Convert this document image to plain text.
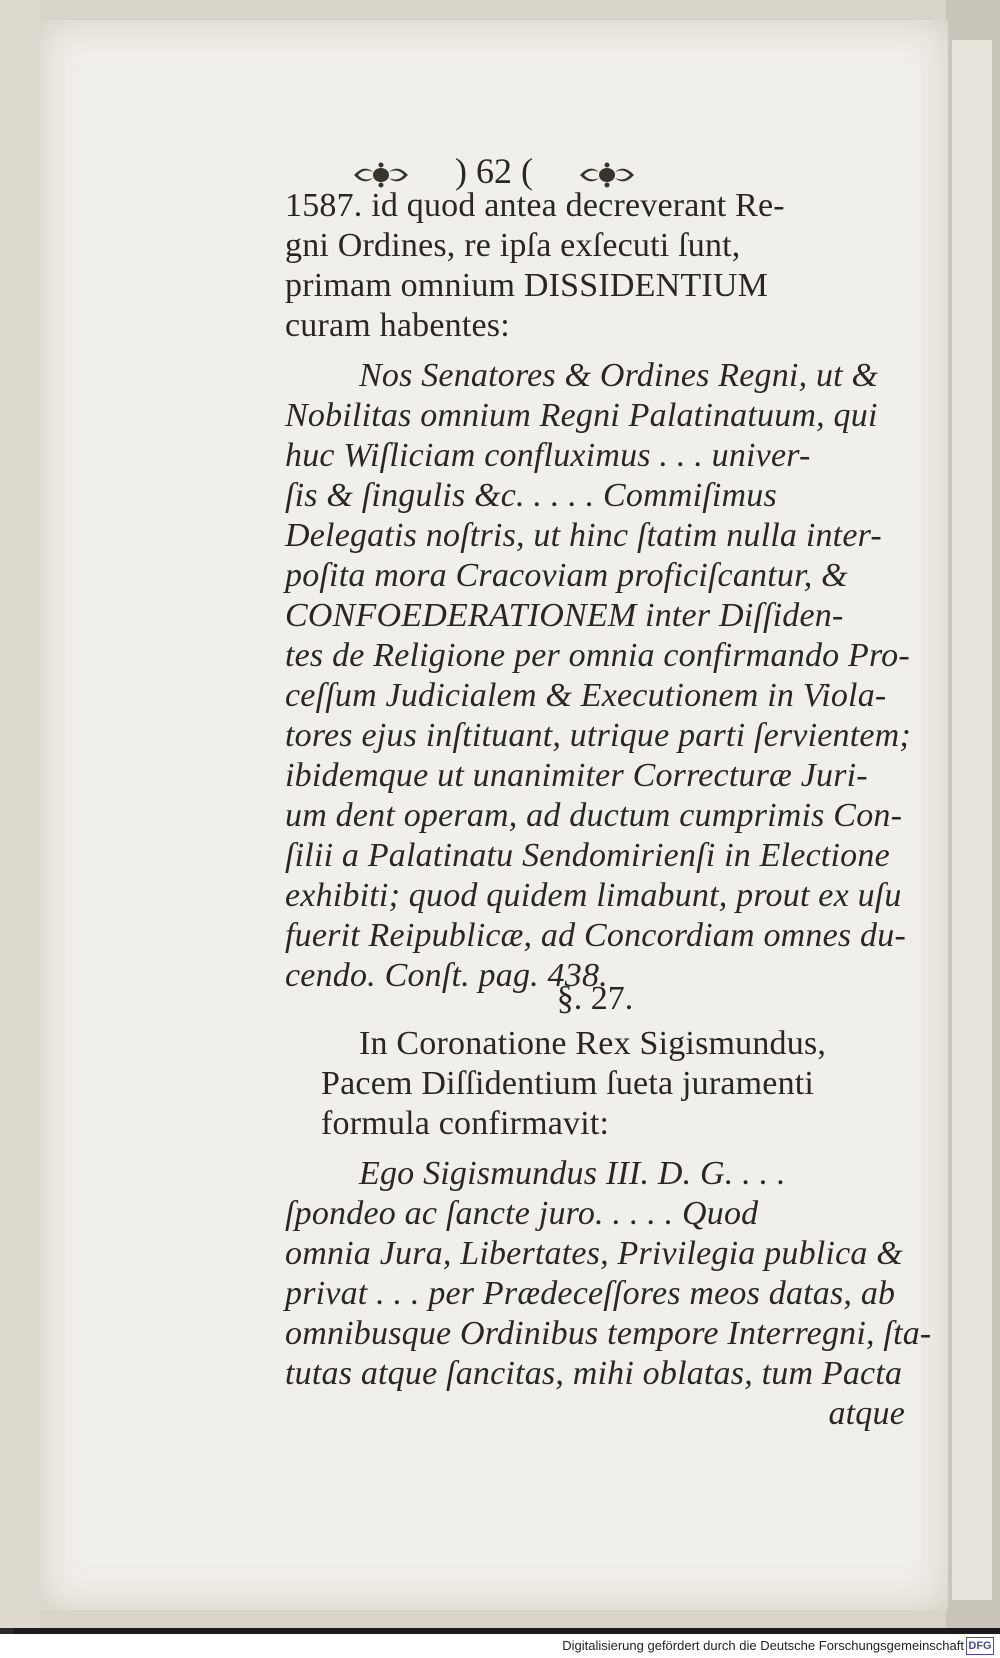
) 62 (
1587. id quod antea decreverant Re-
gni Ordines, re ipſa exſecuti ſunt,
primam omnium DISSIDENTIUM
curam habentes:
Nos Senatores & Ordines Regni, ut &
Nobilitas omnium Regni Palatinatuum, qui
huc Wiſliciam confluximus . . . univer-
ſis & ſingulis &c. . . . . Commiſimus
Delegatis noſtris, ut hinc ſtatim nulla inter-
poſita mora Cracoviam proficiſcantur, &
CONFOEDERATIONEM inter Diſſiden-
tes de Religione per omnia confirmando Pro-
ceſſum Judicialem & Executionem in Viola-
tores ejus inſtituant, utrique parti ſervientem;
ibidemque ut unanimiter Correcturæ Juri-
um dent operam, ad ductum cumprimis Con-
ſilii a Palatinatu Sendomirienſi in Electione
exhibiti; quod quidem limabunt, prout ex uſu
fuerit Reipublicæ, ad Concordiam omnes du-
cendo. Conſt. pag. 438.
§. 27.
In Coronatione Rex Sigismundus,
Pacem Diſſidentium ſueta juramenti
formula confirmavit:
Ego Sigismundus III. D. G. . . .
ſpondeo ac ſancte juro. . . . . Quod
omnia Jura, Libertates, Privilegia publica &
privat . . . per Prædeceſſores meos datas, ab
omnibusque Ordinibus tempore Interregni, ſta-
tutas atque ſancitas, mihi oblatas, tum Pacta
atque
Digitalisierung gefördert durch die Deutsche Forschungsgemeinschaft DFG
